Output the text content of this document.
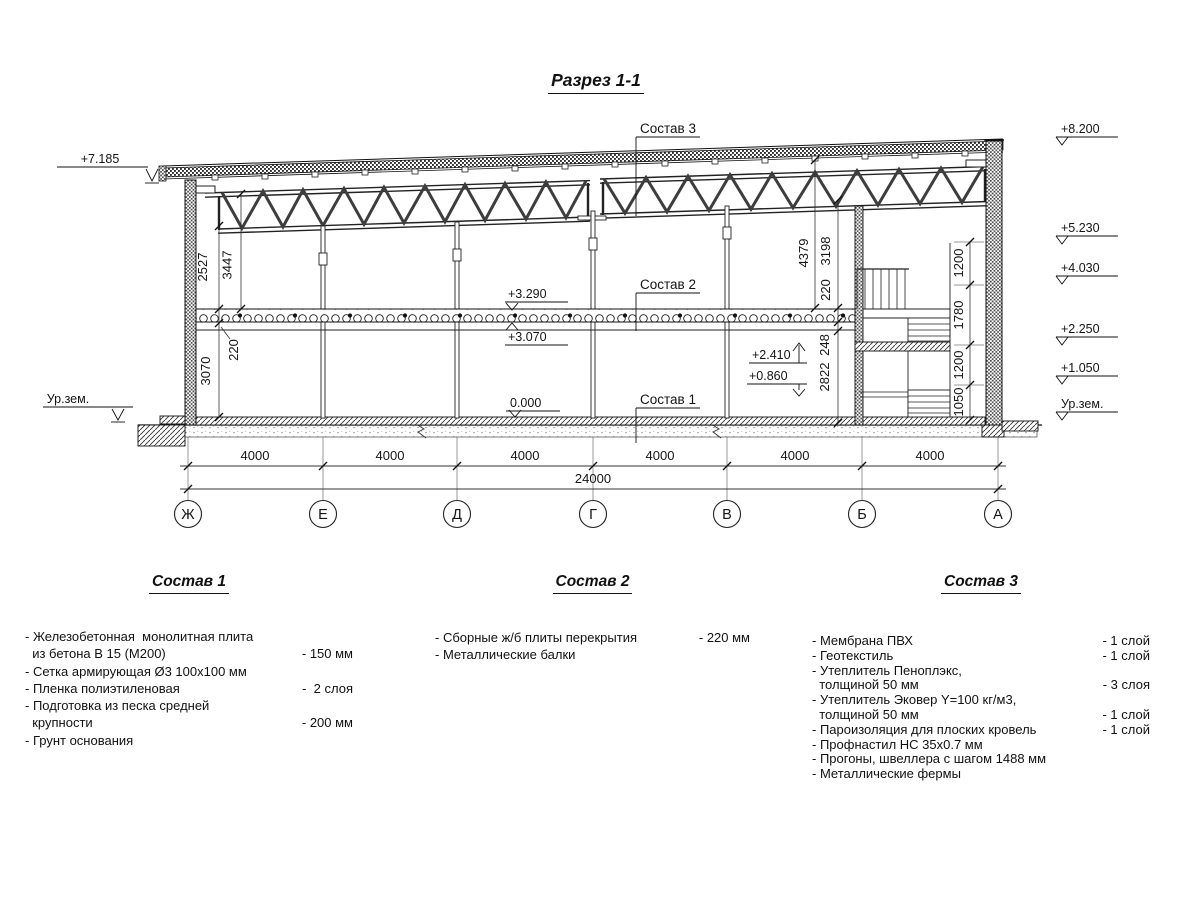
Разрез 1-1
2527 3447
220
3070
4379 3198
220
248
2822
1200
1780
1200
1050
+7.185
Ур.зем.
+8.200
+5.230
+4.030
+2.250
+1.050
Ур.зем.
+3.290
+3.070
0.000
+2.410
+0.860
Состав 3
Состав 2
Состав 1
4000	4000	4000	4000	4000	4000
24000
Ж	Е	Д	Г	В	Б	А
Состав 1
- Железобетонная  монолитная плита
из бетона В 15 (М200)	- 150 мм
- Сетка армирующая Ø3 100х100 мм
- Пленка полиэтиленовая	-  2 слоя
- Подготовка из песка средней
крупности	- 200 мм
- Грунт основания
Состав 2
- Сборные ж/б плиты перекрытия	- 220 мм
- Металлические балки
Состав 3
- Мембрана ПВХ	- 1 слой
- Геотекстиль	- 1 слой
- Утеплитель Пеноплэкс,
толщиной 50 мм	- 3 слоя
- Утеплитель Эковер Y=100 кг/м3,
толщиной 50 мм	- 1 слой
- Пароизоляция для плоских кровель	- 1 слой
- Профнастил НС 35х0.7 мм
- Прогоны, швеллера с шагом 1488 мм
- Металлические фермы
